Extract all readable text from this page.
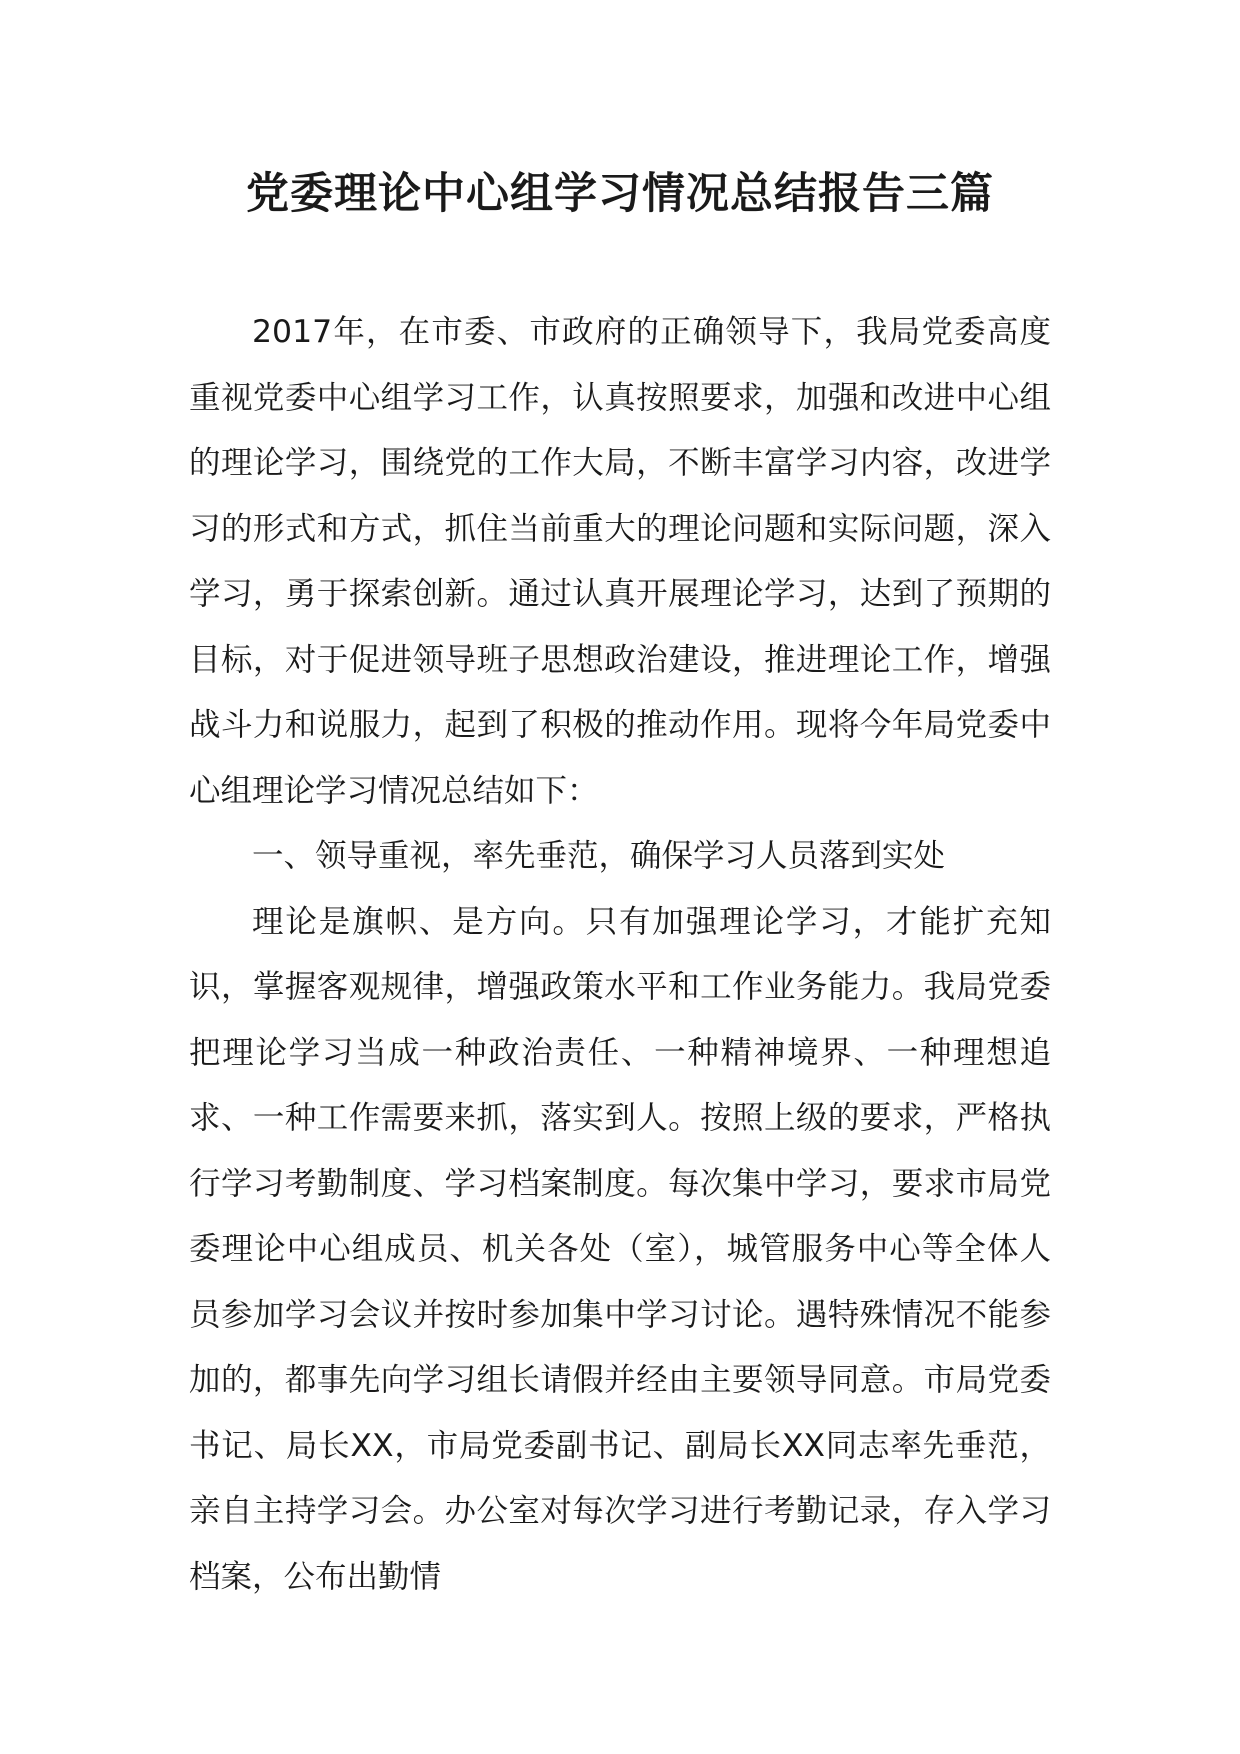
党委理论中心组学习情况总结报告三篇

2017年，在市委、市政府的正确领导下，我局党委高度重视党委中心组学习工作，认真按照要求，加强和改进中心组的理论学习，围绕党的工作大局，不断丰富学习内容，改进学习的形式和方式，抓住当前重大的理论问题和实际问题，深入学习，勇于探索创新。通过认真开展理论学习，达到了预期的目标，对于促进领导班子思想政治建设，推进理论工作，增强战斗力和说服力，起到了积极的推动作用。现将今年局党委中心组理论学习情况总结如下：

一、领导重视，率先垂范，确保学习人员落到实处

理论是旗帜、是方向。只有加强理论学习，才能扩充知识，掌握客观规律，增强政策水平和工作业务能力。我局党委把理论学习当成一种政治责任、一种精神境界、一种理想追求、一种工作需要来抓，落实到人。按照上级的要求，严格执行学习考勤制度、学习档案制度。每次集中学习，要求市局党委理论中心组成员、机关各处（室），城管服务中心等全体人员参加学习会议并按时参加集中学习讨论。遇特殊情况不能参加的，都事先向学习组长请假并经由主要领导同意。市局党委书记、局长XX，市局党委副书记、副局长XX同志率先垂范，亲自主持学习会。办公室对每次学习进行考勤记录，存入学习档案，公布出勤情
